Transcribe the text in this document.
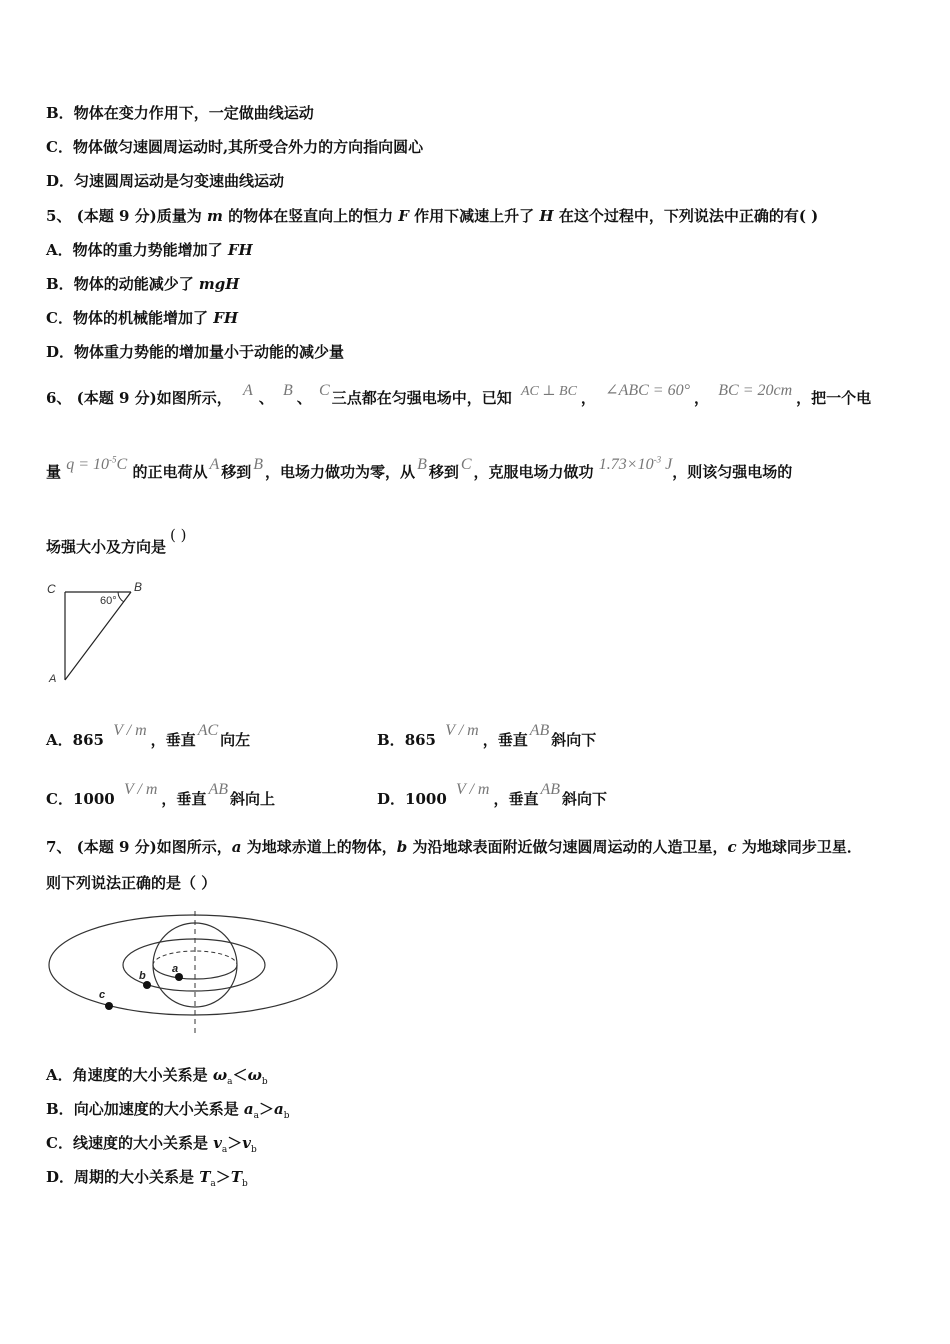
B．物体在变力作用下，一定做曲线运动
C．物体做匀速圆周运动时,其所受合外力的方向指向圆心
D．匀速圆周运动是匀变速曲线运动
5、 (本题 9 分)质量为 m 的物体在竖直向上的恒力 F 作用下减速上升了 H 在这个过程中，下列说法中正确的有( )
A．物体的重力势能增加了 FH
B．物体的动能减少了 mgH
C．物体的机械能增加了 FH
D．物体重力势能的增加量小于动能的减少量
6、 (本题 9 分)如图所示， A 、 B 、 C 三点都在匀强电场中，已知 AC ⊥ BC ， ∠ABC = 60° ， BC = 20cm ，把一个电
量 $q = 10^{-5}C$ 的正电荷从 A 移到 B ，电场力做功为零，从 B 移到 C ，克服电场力做功 $1.73\times 10^{-3}$ J，则该匀强电场的
场强大小及方向是( )
C	B
A
60°
A．865 V / m，垂直AC向左	B．865 V / m，垂直AB斜向下
C．1000 V / m，垂直AB斜向上	D．1000 V / m，垂直AB斜向下
7、 (本题 9 分)如图所示，a 为地球赤道上的物体，b 为沿地球表面附近做匀速圆周运动的人造卫星，c 为地球同步卫星．
则下列说法正确的是（ ）
a
b
c
A．角速度的大小关系是 $\omega_a<\omega_b$
B．向心加速度的大小关系是 $a_a>a_b$
C．线速度的大小关系是 $v_a>v_b$
D．周期的大小关系是 $T_a>T_b$
